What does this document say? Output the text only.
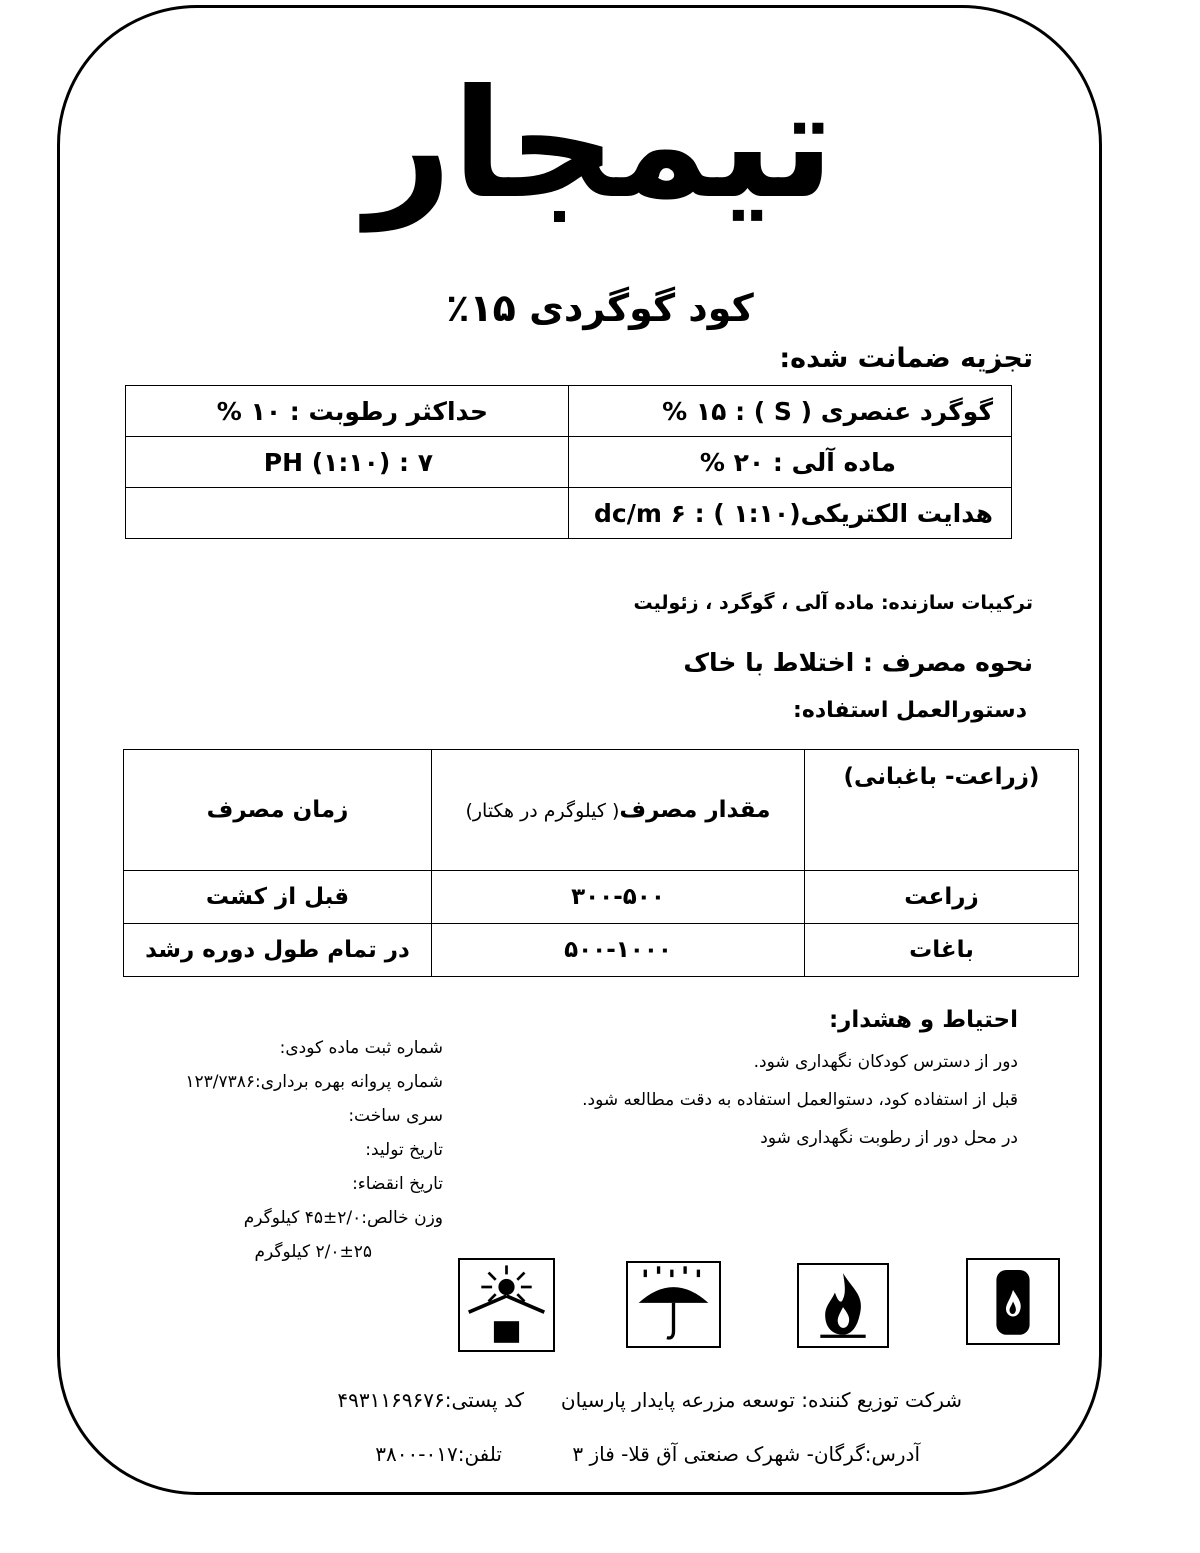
تیمجار
کود گوگردی ۱۵٪
تجزیه ضمانت شده:
گوگرد عنصری ( S ) : ۱۵ %	حداکثر رطوبت : ۱۰ %
ماده آلی : ۲۰ %	PH (۱:۱۰) : ۷
هدایت الکتریکی(۱:۱۰ ) : ۶ dc/m	
ترکیبات سازنده: ماده آلی ، گوگرد ، زئولیت
نحوه مصرف : اختلاط با خاک
دستورالعمل استفاده:
(زراعت- باغبانی)	مقدار مصرف( کیلوگرم در هکتار)	زمان مصرف
زراعت	۳۰۰-۵۰۰	قبل از کشت
باغات	۵۰۰-۱۰۰۰	در تمام طول دوره رشد
احتیاط و هشدار:
دور از دسترس کودکان نگهداری شود.
قبل از استفاده کود، دستوالعمل استفاده به دقت مطالعه شود.
در محل دور از رطوبت نگهداری شود
شماره ثبت ماده کودی:
شماره پروانه بهره برداری:۱۲۳/۷۳۸۶
سری ساخت:
تاریخ تولید:
تاریخ انقضاء:
وزن خالص:۲/۰±۴۵ کیلوگرم
۲/۰±۲۵ کیلوگرم
شرکت توزیع کننده: توسعه مزرعه پایدار پارسیان
کد پستی:۴۹۳۱۱۶۹۶۷۶
آدرس:گرگان- شهرک صنعتی آق قلا- فاز ۳
تلفن:۰۱۷-۳۸۰۰
